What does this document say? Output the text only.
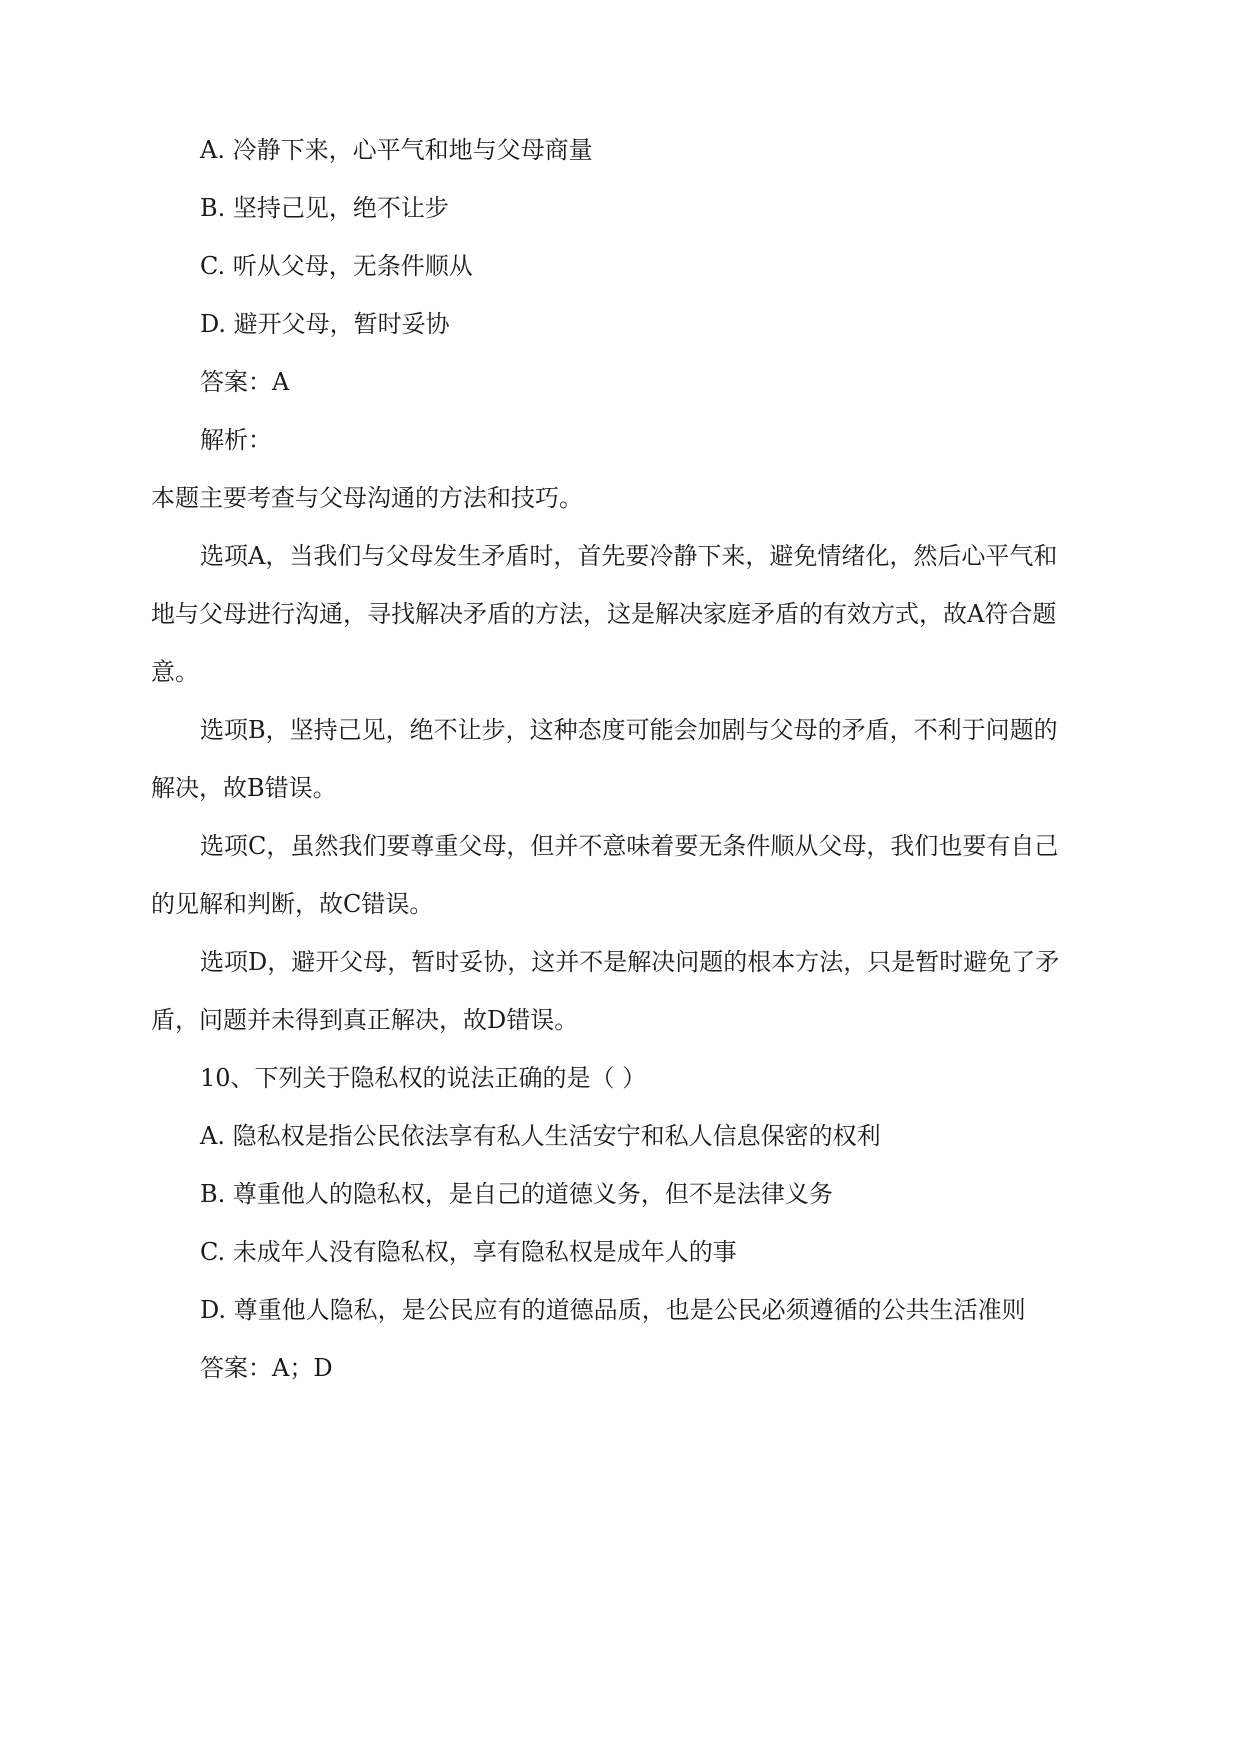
A. 冷静下来，心平气和地与父母商量
B. 坚持己见，绝不让步
C. 听从父母，无条件顺从
D. 避开父母，暂时妥协
答案：A
解析：
本题主要考查与父母沟通的方法和技巧。
选项A，当我们与父母发生矛盾时，首先要冷静下来，避免情绪化，然后心平气和
地与父母进行沟通，寻找解决矛盾的方法，这是解决家庭矛盾的有效方式，故A符合题
意。
选项B，坚持己见，绝不让步，这种态度可能会加剧与父母的矛盾，不利于问题的
解决，故B错误。
选项C，虽然我们要尊重父母，但并不意味着要无条件顺从父母，我们也要有自己
的见解和判断，故C错误。
选项D，避开父母，暂时妥协，这并不是解决问题的根本方法，只是暂时避免了矛
盾，问题并未得到真正解决，故D错误。
10、下列关于隐私权的说法正确的是（ ）
A. 隐私权是指公民依法享有私人生活安宁和私人信息保密的权利
B. 尊重他人的隐私权，是自己的道德义务，但不是法律义务
C. 未成年人没有隐私权，享有隐私权是成年人的事
D. 尊重他人隐私，是公民应有的道德品质，也是公民必须遵循的公共生活准则
答案：A；D
